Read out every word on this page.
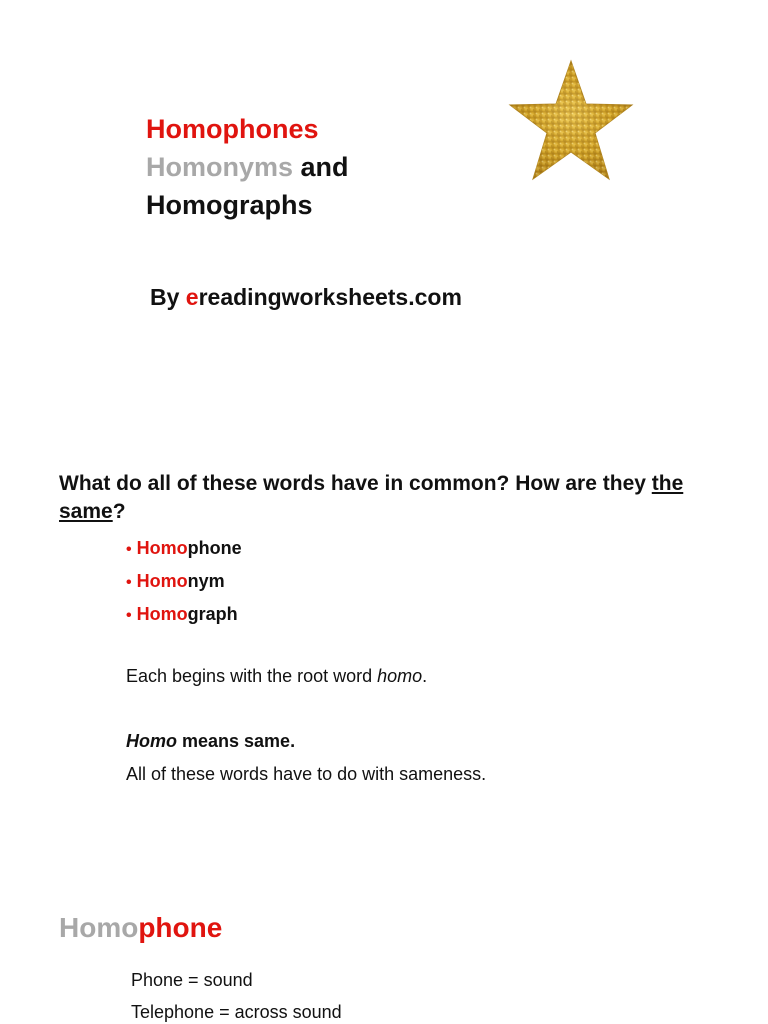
Homophones
Homonyms and
Homographs
By ereadingworksheets.com
What do all of these words have in common? How are they the same?
• Homophone
• Homonym
• Homograph
Each begins with the root word homo.
Homo means same.
All of these words have to do with sameness.
Homophone
Phone = sound
Telephone = across sound
